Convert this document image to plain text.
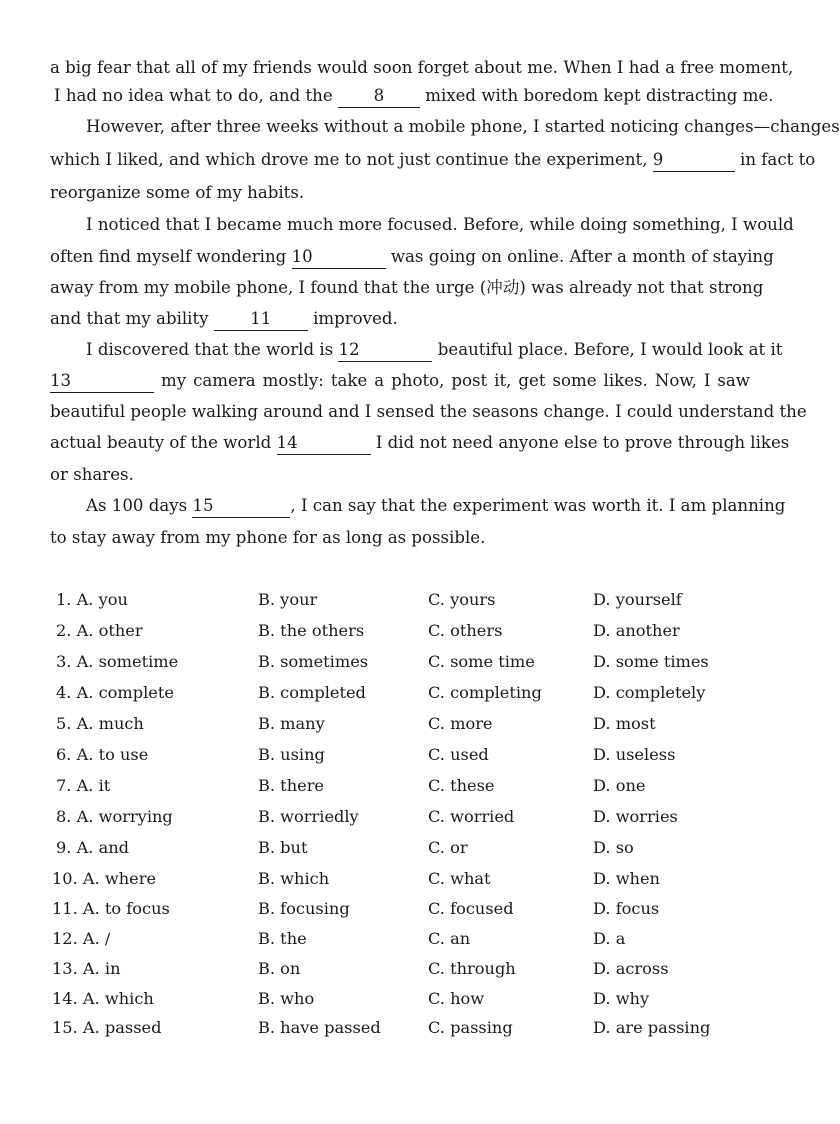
a big fear that all of my friends would soon forget about me. When I had a free moment,
I had no idea what to do, and the 8 mixed with boredom kept distracting me.
However, after three weeks without a mobile phone, I started noticing changes—changes
which I liked, and which drove me to not just continue the experiment, 9	in fact to
reorganize some of my habits.
I noticed that I became much more focused. Before, while doing something, I would
often find myself wondering 10	was going on online. After a month of staying
away from my mobile phone, I found that the urge (冲动) was already not that strong
and that my ability 11 improved.
I discovered that the world is 12	beautiful place. Before, I would look at it
13	my camera mostly: take a photo, post it, get some likes. Now, I saw
beautiful people walking around and I sensed the seasons change. I could understand the
actual beauty of the world 14	I did not need anyone else to prove through likes
or shares.
As 100 days 15	, I can say that the experiment was worth it. I am planning
to stay away from my phone for as long as possible.
1. A. you	B. your	C. yours	D. yourself
2. A. other	B. the others	C. others	D. another
3. A. sometime	B. sometimes	C. some time	D. some times
4. A. complete	B. completed	C. completing	D. completely
5. A. much	B. many	C. more	D. most
6. A. to use	B. using	C. used	D. useless
7. A. it	B. there	C. these	D. one
8. A. worrying	B. worriedly	C. worried	D. worries
9. A. and	B. but	C. or	D. so
10. A. where	B. which	C. what	D. when
11. A. to focus	B. focusing	C. focused	D. focus
12. A. /	B. the	C. an	D. a
13. A. in	B. on	C. through	D. across
14. A. which	B. who	C. how	D. why
15. A. passed	B. have passed	C. passing	D. are passing
